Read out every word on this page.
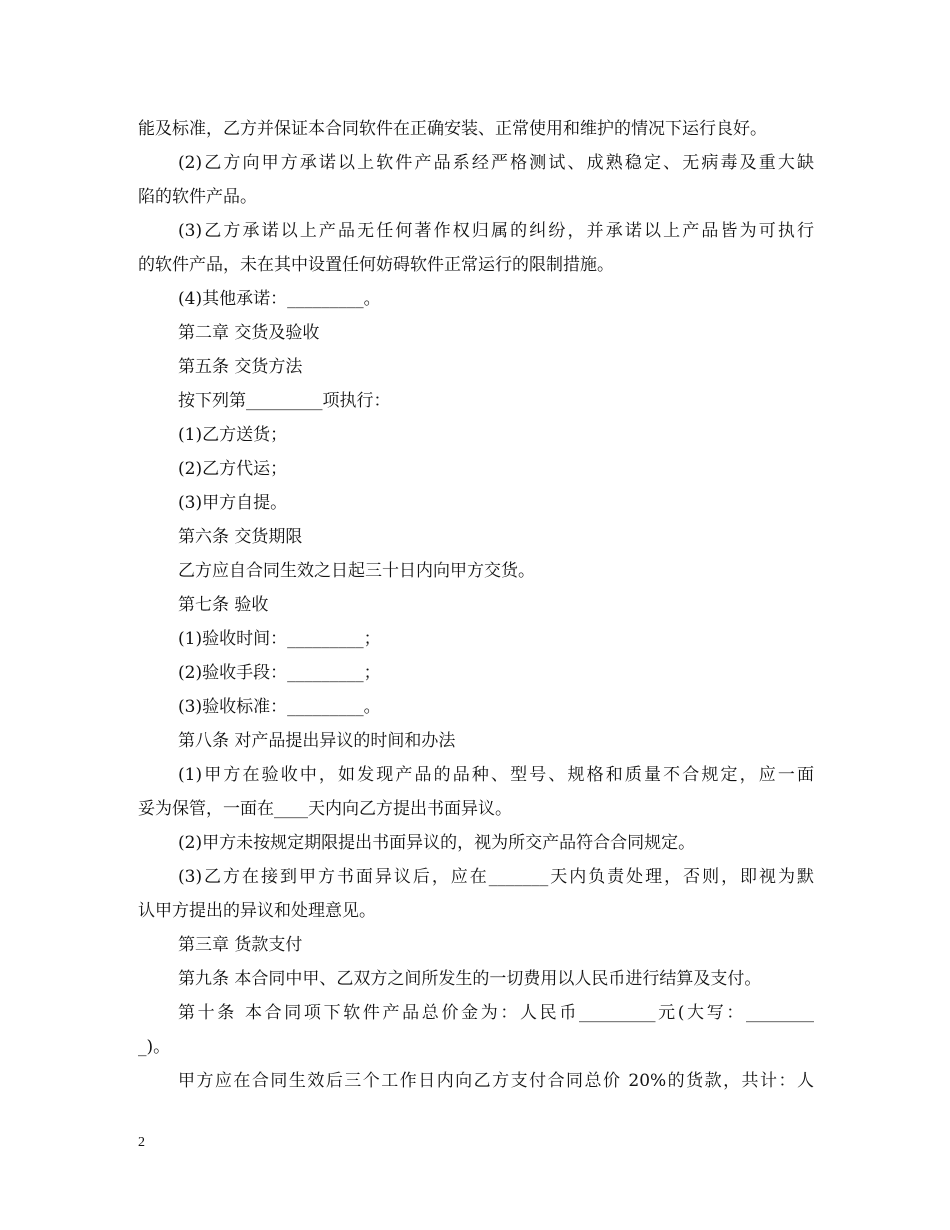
能及标准，乙方并保证本合同软件在正确安装、正常使用和维护的情况下运行良好。
(2)乙方向甲方承诺以上软件产品系经严格测试、成熟稳定、无病毒及重大缺
陷的软件产品。
(3)乙方承诺以上产品无任何著作权归属的纠纷，并承诺以上产品皆为可执行
的软件产品，未在其中设置任何妨碍软件正常运行的限制措施。
(4)其他承诺：_________。
第二章 交货及验收
第五条 交货方法
按下列第_________项执行：
(1)乙方送货；
(2)乙方代运；
(3)甲方自提。
第六条 交货期限
乙方应自合同生效之日起三十日内向甲方交货。
第七条 验收
(1)验收时间：_________；
(2)验收手段：_________；
(3)验收标准：_________。
第八条 对产品提出异议的时间和办法
(1)甲方在验收中，如发现产品的品种、型号、规格和质量不合规定，应一面
妥为保管，一面在____天内向乙方提出书面异议。
(2)甲方未按规定期限提出书面异议的，视为所交产品符合合同规定。
(3)乙方在接到甲方书面异议后，应在_______天内负责处理，否则，即视为默
认甲方提出的异议和处理意见。
第三章 货款支付
第九条 本合同中甲、乙双方之间所发生的一切费用以人民币进行结算及支付。
第十条 本合同项下软件产品总价金为：人民币_________元(大写：________
_)。
甲方应在合同生效后三个工作日内向乙方支付合同总价 20%的货款，共计：人
2
